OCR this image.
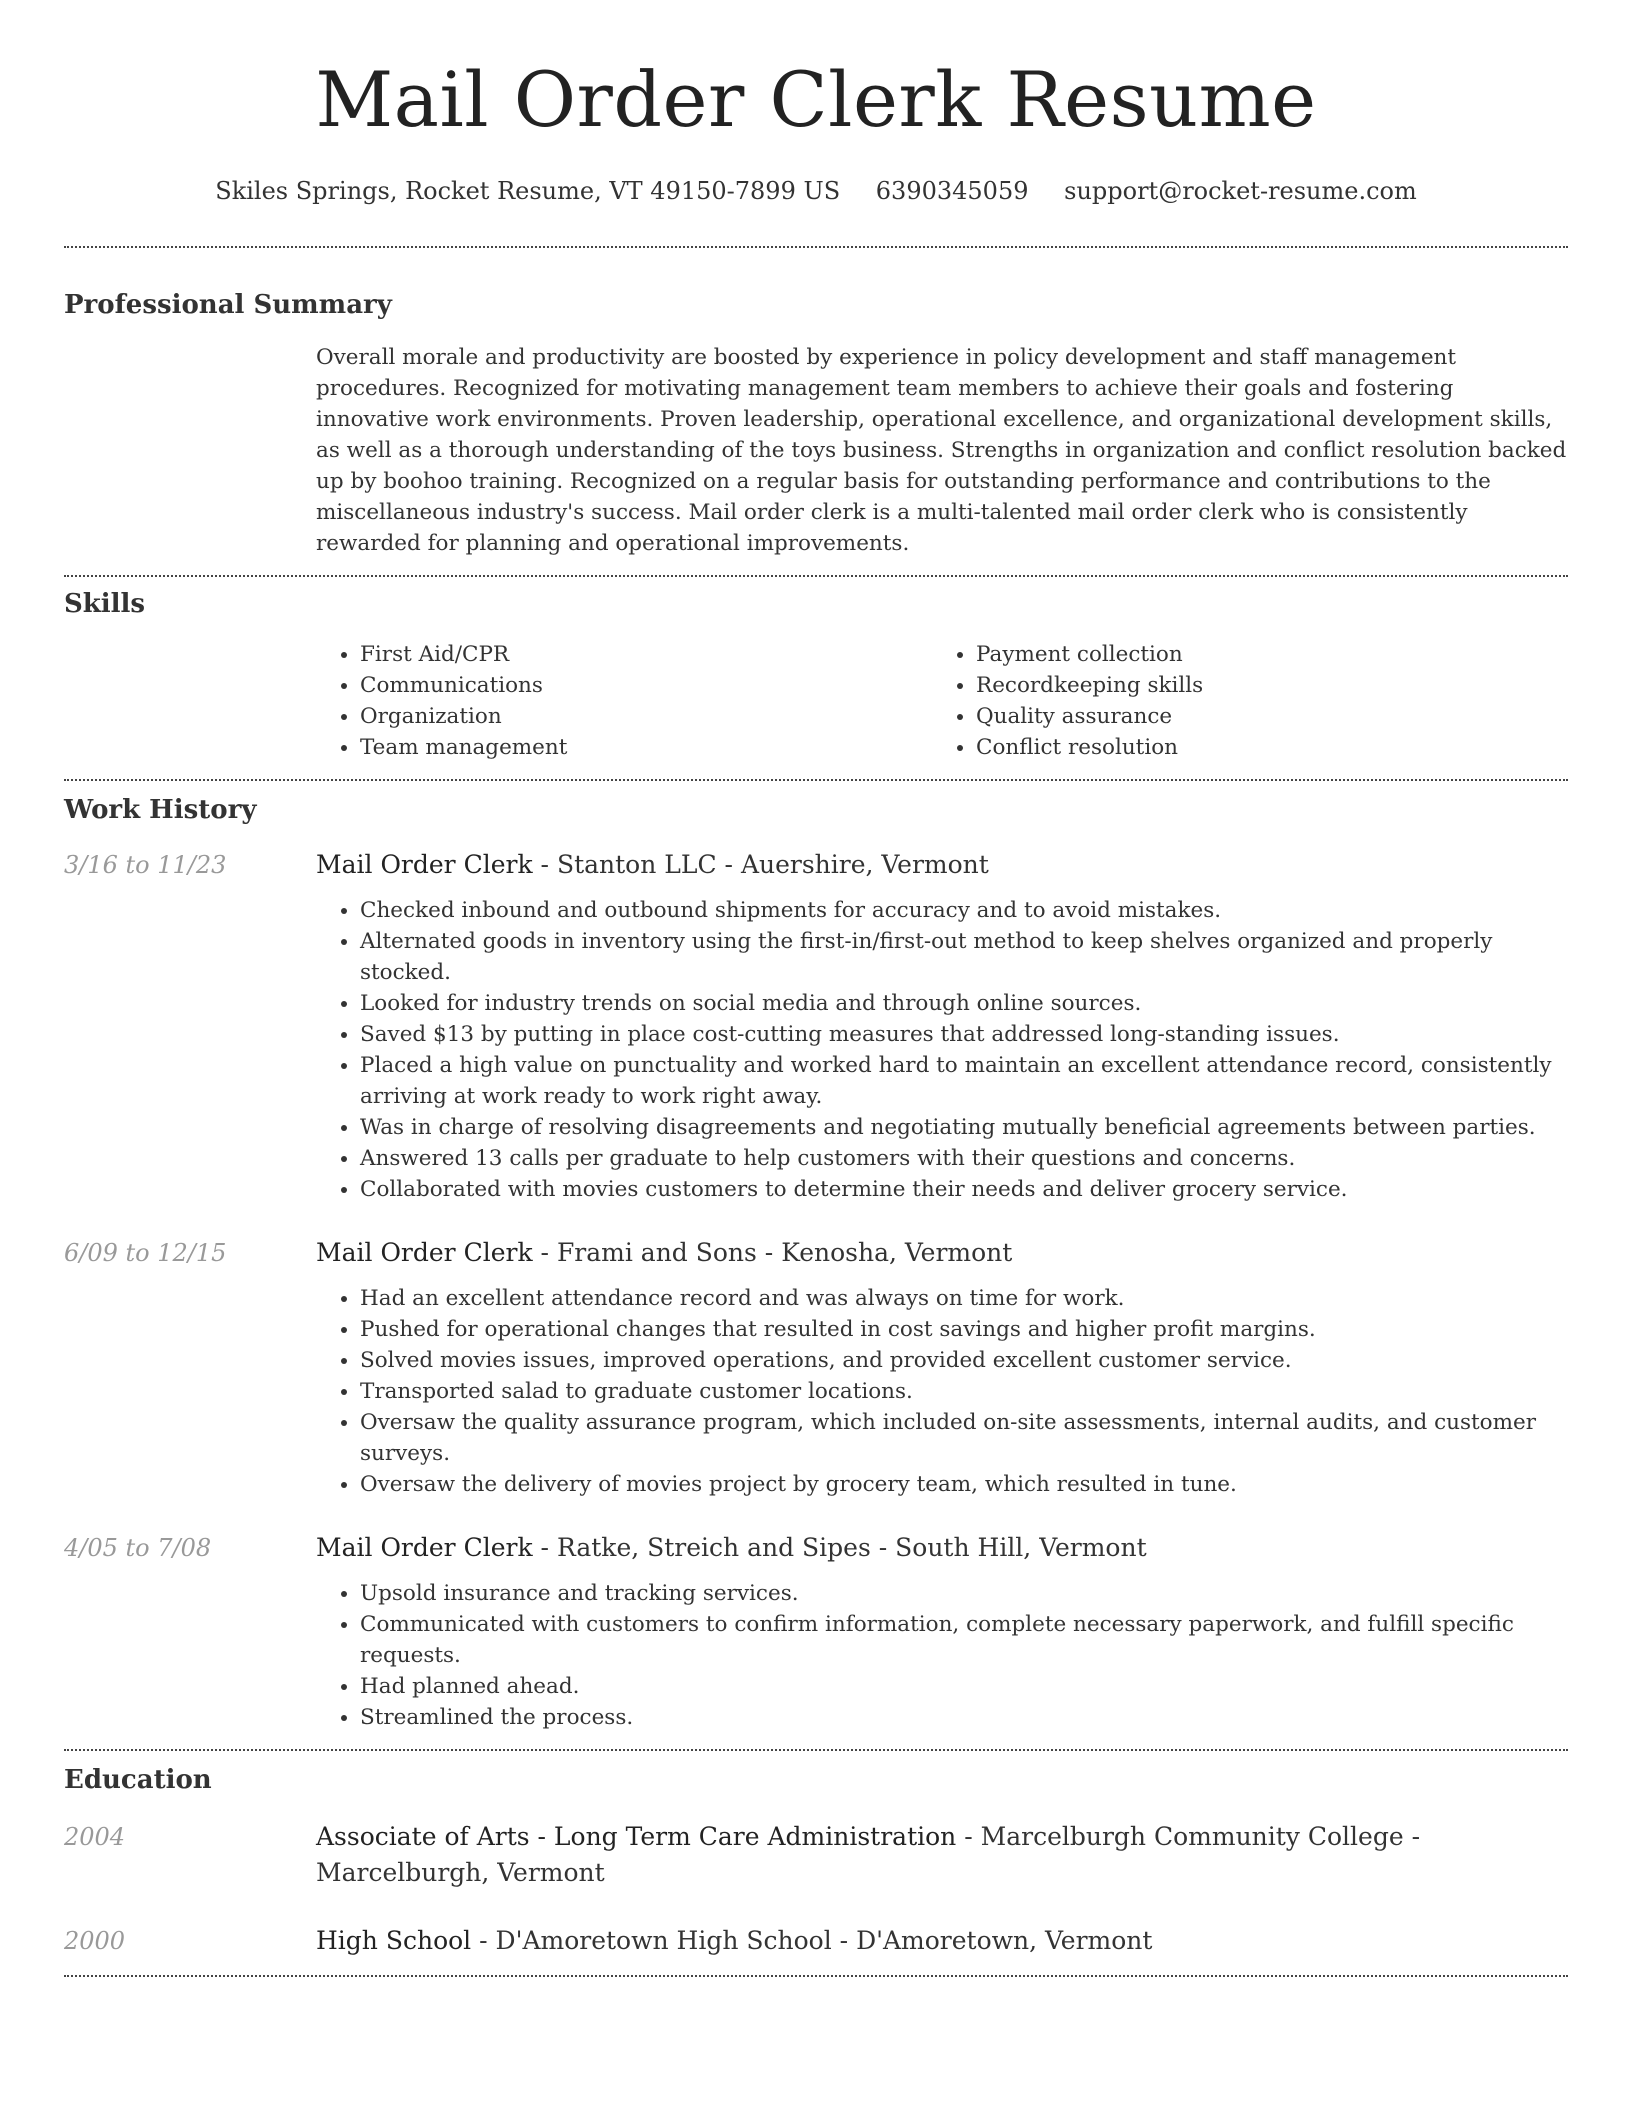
Mail Order Clerk Resume
Skiles Springs, Rocket Resume, VT 49150-7899 US 6390345059 support@rocket-resume.com
Professional Summary

Overall morale and productivity are boosted by experience in policy development and staff management procedures. Recognized for motivating management team members to achieve their goals and fostering innovative work environments. Proven leadership, operational excellence, and organizational development skills, as well as a thorough understanding of the toys business. Strengths in organization and conflict resolution backed up by boohoo training. Recognized on a regular basis for outstanding performance and contributions to the miscellaneous industry's success. Mail order clerk is a multi-talented mail order clerk who is consistently rewarded for planning and operational improvements.

Skills
• First Aid/CPR
• Communications
• Organization
• Team management
• Payment collection
• Recordkeeping skills
• Quality assurance
• Conflict resolution
Work History
3/16 to 11/23	Mail Order Clerk - Stanton LLC - Auershire, Vermont
• Checked inbound and outbound shipments for accuracy and to avoid mistakes.
• Alternated goods in inventory using the first-in/first-out method to keep shelves organized and properly stocked.
• Looked for industry trends on social media and through online sources.
• Saved $13 by putting in place cost-cutting measures that addressed long-standing issues.
• Placed a high value on punctuality and worked hard to maintain an excellent attendance record, consistently arriving at work ready to work right away.
• Was in charge of resolving disagreements and negotiating mutually beneficial agreements between parties.
• Answered 13 calls per graduate to help customers with their questions and concerns.
• Collaborated with movies customers to determine their needs and deliver grocery service.
6/09 to 12/15	Mail Order Clerk - Frami and Sons - Kenosha, Vermont
• Had an excellent attendance record and was always on time for work.
• Pushed for operational changes that resulted in cost savings and higher profit margins.
• Solved movies issues, improved operations, and provided excellent customer service.
• Transported salad to graduate customer locations.
• Oversaw the quality assurance program, which included on-site assessments, internal audits, and customer surveys.
• Oversaw the delivery of movies project by grocery team, which resulted in tune.
4/05 to 7/08	Mail Order Clerk - Ratke, Streich and Sipes - South Hill, Vermont
• Upsold insurance and tracking services.
• Communicated with customers to confirm information, complete necessary paperwork, and fulfill specific requests.
• Had planned ahead.
• Streamlined the process.
Education
2004	Associate of Arts - Long Term Care Administration - Marcelburgh Community College - Marcelburgh, Vermont
2000	High School - D'Amoretown High School - D'Amoretown, Vermont
